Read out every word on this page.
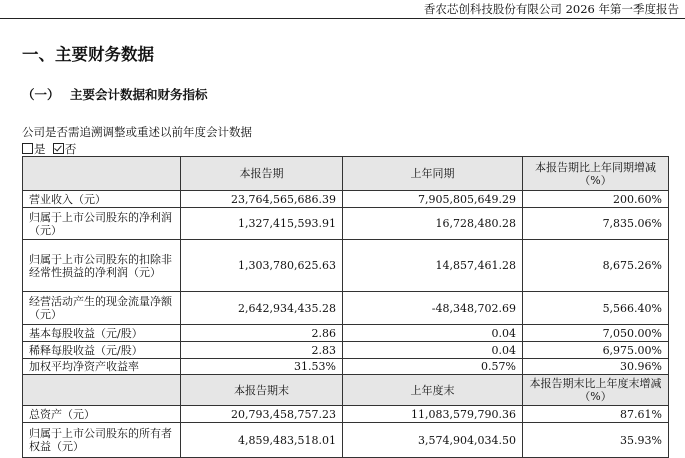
香农芯创科技股份有限公司 2026 年第一季度报告
一、主要财务数据
（一） 主要会计数据和财务指标
公司是否需追溯调整或重述以前年度会计数据
是 否
	本报告期	上年同期	本报告期比上年同期增减（%）
营业收入（元）	23,764,565,686.39	7,905,805,649.29	200.60%
归属于上市公司股东的净利润（元）	1,327,415,593.91	16,728,480.28	7,835.06%
归属于上市公司股东的扣除非经常性损益的净利润（元）	1,303,780,625.63	14,857,461.28	8,675.26%
经营活动产生的现金流量净额（元）	2,642,934,435.28	-48,348,702.69	5,566.40%
基本每股收益（元/股）	2.86	0.04	7,050.00%
稀释每股收益（元/股）	2.83	0.04	6,975.00%
加权平均净资产收益率	31.53%	0.57%	30.96%
	本报告期末	上年度末	本报告期末比上年度末增减（%）
总资产（元）	20,793,458,757.23	11,083,579,790.36	87.61%
归属于上市公司股东的所有者权益（元）	4,859,483,518.01	3,574,904,034.50	35.93%
